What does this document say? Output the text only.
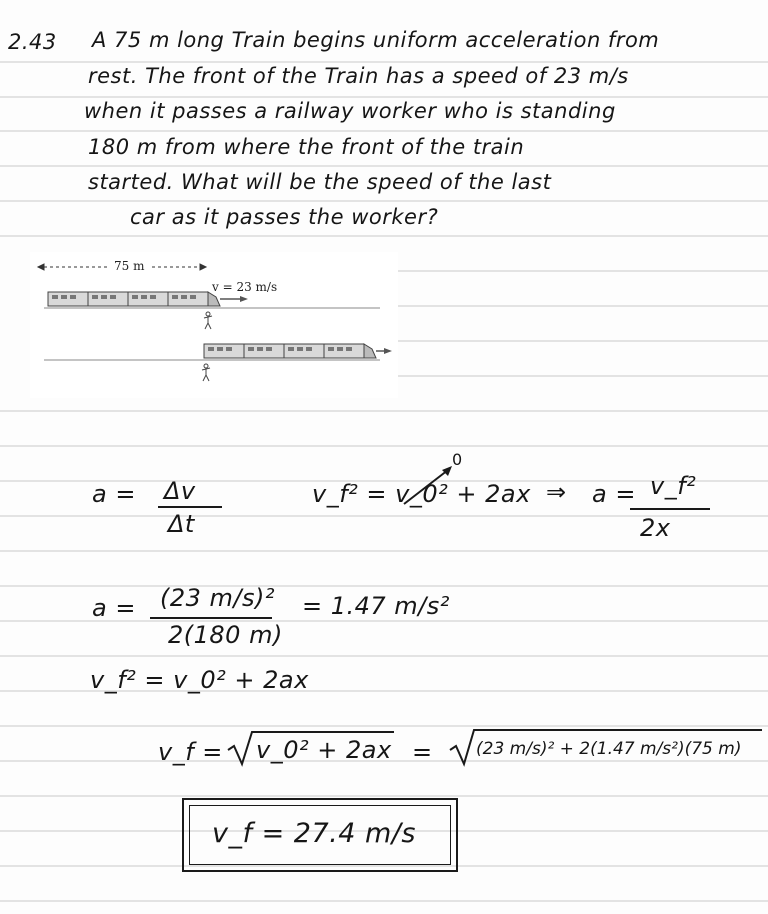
2.43 A 75 m long Train begins uniform acceleration from
rest. The front of the Train has a speed of 23 m/s
when it passes a railway worker who is standing
180 m from where the front of the train
started. What will be the speed of the last
car as it passes the worker?
75 m
v = 23 m/s
a = Δv
Δt
v_f² = v_0² + 2ax
0
⇒ a = v_f²
2x
a = (23 m/s)²
2(180 m)
= 1.47 m/s²
v_f² = v_0² + 2ax
v_f = v_0² + 2ax =	(23 m/s)² + 2(1.47 m/s²)(75 m)
v_f = 27.4 m/s
